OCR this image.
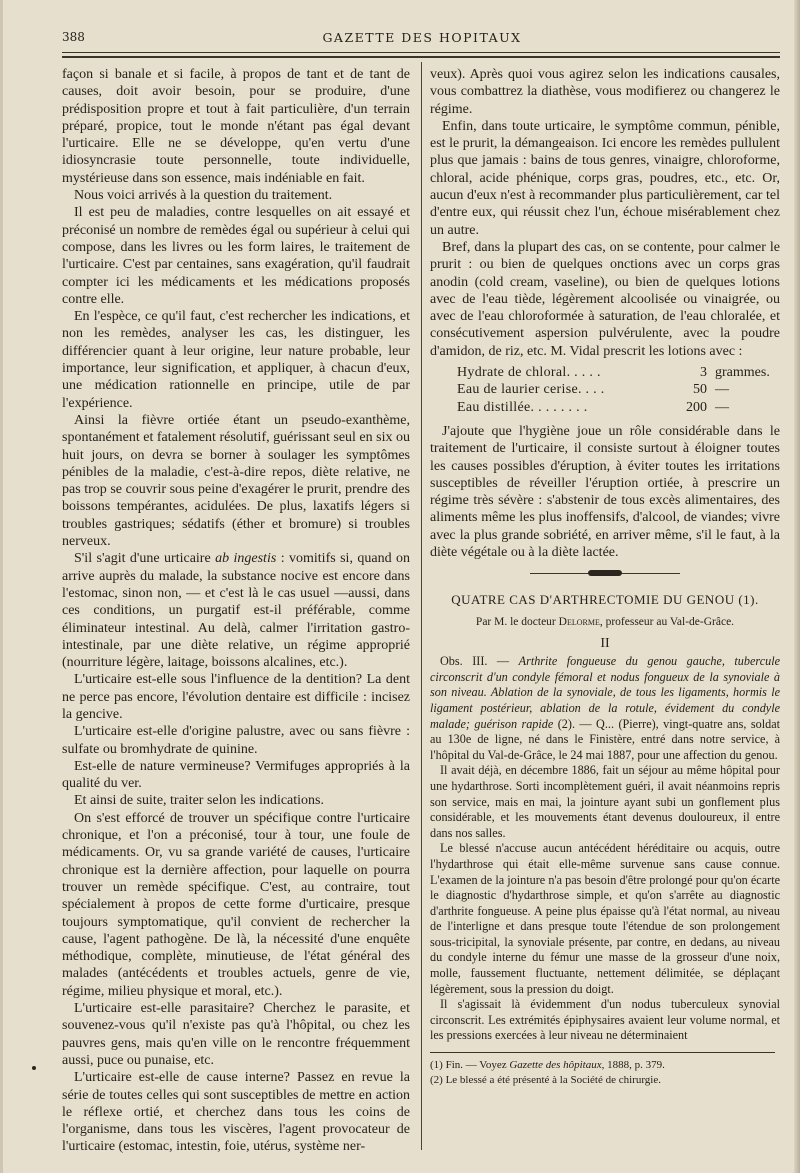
388	GAZETTE DES HOPITAUX

façon si banale et si facile, à propos de tant et de tant de causes, doit avoir besoin, pour se produire, d'une prédisposition propre et tout à fait particulière, d'un terrain préparé, propice, tout le monde n'étant pas égal devant l'urticaire. Elle ne se développe, qu'en vertu d'une idiosyncrasie toute personnelle, toute individuelle, mystérieuse dans son essence, mais indéniable en fait.

Nous voici arrivés à la question du traitement.

Il est peu de maladies, contre lesquelles on ait essayé et préconisé un nombre de remèdes égal ou supérieur à celui qui compose, dans les livres ou les form laires, le traitement de l'urticaire. C'est par centaines, sans exagération, qu'il faudrait compter ici les médicaments et les médications proposés contre elle.

En l'espèce, ce qu'il faut, c'est rechercher les indications, et non les remèdes, analyser les cas, les distinguer, les différencier quant à leur origine, leur nature probable, leur importance, leur signification, et appliquer, à chacun d'eux, une médication rationnelle en principe, utile de par l'expérience.

Ainsi la fièvre ortiée étant un pseudo-exanthème, spontanément et fatalement résolutif, guérissant seul en six ou huit jours, on devra se borner à soulager les symptômes pénibles de la maladie, c'est-à-dire repos, diète relative, ne pas trop se couvrir sous peine d'exagérer le prurit, prendre des boissons tempérantes, acidulées. De plus, laxatifs légers si troubles gastriques; sédatifs (éther et bromure) si troubles nerveux.

S'il s'agit d'une urticaire ab ingestis : vomitifs si, quand on arrive auprès du malade, la substance nocive est encore dans l'estomac, sinon non, — et c'est là le cas usuel —aussi, dans ces conditions, un purgatif est-il préférable, comme éliminateur intestinal. Au delà, calmer l'irritation gastro-intestinale, par une diète relative, un régime approprié (nourriture légère, laitage, boissons alcalines, etc.).

L'urticaire est-elle sous l'influence de la dentition? La dent ne perce pas encore, l'évolution dentaire est difficile : incisez la gencive.

L'urticaire est-elle d'origine palustre, avec ou sans fièvre : sulfate ou bromhydrate de quinine.

Est-elle de nature vermineuse? Vermifuges appropriés à la qualité du ver.

Et ainsi de suite, traiter selon les indications.

On s'est efforcé de trouver un spécifique contre l'urticaire chronique, et l'on a préconisé, tour à tour, une foule de médicaments. Or, vu sa grande variété de causes, l'urticaire chronique est la dernière affection, pour laquelle on pourra trouver un remède spécifique. C'est, au contraire, tout spécialement à propos de cette forme d'urticaire, presque toujours symptomatique, qu'il convient de rechercher la cause, l'agent pathogène. De là, la nécessité d'une enquête méthodique, complète, minutieuse, de l'état général des malades (antécédents et troubles actuels, genre de vie, régime, milieu physique et moral, etc.).

L'urticaire est-elle parasitaire? Cherchez le parasite, et souvenez-vous qu'il n'existe pas qu'à l'hôpital, ou chez les pauvres gens, mais qu'en ville on le rencontre fréquemment aussi, puce ou punaise, etc.

L'urticaire est-elle de cause interne? Passez en revue la série de toutes celles qui sont susceptibles de mettre en action le réflexe ortié, et cherchez dans tous les coins de l'organisme, dans tous les viscères, l'agent provocateur de l'urticaire (estomac, intestin, foie, utérus, système ner-

veux). Après quoi vous agirez selon les indications causales, vous combattrez la diathèse, vous modifierez ou changerez le régime.

Enfin, dans toute urticaire, le symptôme commun, pénible, est le prurit, la démangeaison. Ici encore les remèdes pullulent plus que jamais : bains de tous genres, vinaigre, chloroforme, chloral, acide phénique, corps gras, poudres, etc., etc. Or, aucun d'eux n'est à recommander plus particulièrement, car tel d'entre eux, qui réussit chez l'un, échoue misérablement chez un autre.

Bref, dans la plupart des cas, on se contente, pour calmer le prurit : ou bien de quelques onctions avec un corps gras anodin (cold cream, vaseline), ou bien de quelques lotions avec de l'eau tiède, légèrement alcoolisée ou vinaigrée, ou avec de l'eau chloroformée à saturation, de l'eau chloralée, et consécutivement aspersion pulvérulente, avec la poudre d'amidon, de riz, etc. M. Vidal prescrit les lotions avec :

Hydrate de chloral. . . . .	3 grammes.
Eau de laurier cerise. . . .	50 —
Eau distillée. . . . . . . .	200 —

J'ajoute que l'hygiène joue un rôle considérable dans le traitement de l'urticaire, il consiste surtout à éloigner toutes les causes possibles d'éruption, à éviter toutes les irritations susceptibles de réveiller l'éruption ortiée, à prescrire un régime très sévère : s'abstenir de tous excès alimentaires, des aliments même les plus inoffensifs, d'alcool, de viandes; vivre avec la plus grande sobriété, en arriver même, s'il le faut, à la diète végétale ou à la diète lactée.

QUATRE CAS D'ARTHRECTOMIE DU GENOU (1).
Par M. le docteur Delorme, professeur au Val-de-Grâce.
II

Obs. III. — Arthrite fongueuse du genou gauche, tubercule circonscrit d'un condyle fémoral et nodus fongueux de la synoviale à son niveau. Ablation de la synoviale, de tous les ligaments, hormis le ligament postérieur, ablation de la rotule, évidement du condyle malade; guérison rapide (2). — Q... (Pierre), vingt-quatre ans, soldat au 130e de ligne, né dans le Finistère, entré dans notre service, à l'hôpital du Val-de-Grâce, le 24 mai 1887, pour une affection du genou.

Il avait déjà, en décembre 1886, fait un séjour au même hôpital pour une hydarthrose. Sorti incomplètement guéri, il avait néanmoins repris son service, mais en mai, la jointure ayant subi un gonflement plus considérable, et les mouvements étant devenus douloureux, il entre dans nos salles.

Le blessé n'accuse aucun antécédent héréditaire ou acquis, outre l'hydarthrose qui était elle-même survenue sans cause connue. L'examen de la jointure n'a pas besoin d'être prolongé pour qu'on écarte le diagnostic d'hydarthrose simple, et qu'on s'arrête au diagnostic d'arthrite fongueuse. A peine plus épaisse qu'à l'état normal, au niveau de l'interligne et dans presque toute l'étendue de son prolongement sous-tricipital, la synoviale présente, par contre, en dedans, au niveau du condyle interne du fémur une masse de la grosseur d'une noix, molle, faussement fluctuante, nettement délimitée, se déplaçant légèrement, sous la pression du doigt.

Il s'agissait là évidemment d'un nodus tuberculeux synovial circonscrit. Les extrémités épiphysaires avaient leur volume normal, et les pressions exercées à leur niveau ne déterminaient

(1) Fin. — Voyez Gazette des hôpitaux, 1888, p. 379.

(2) Le blessé a été présenté à la Société de chirurgie.
